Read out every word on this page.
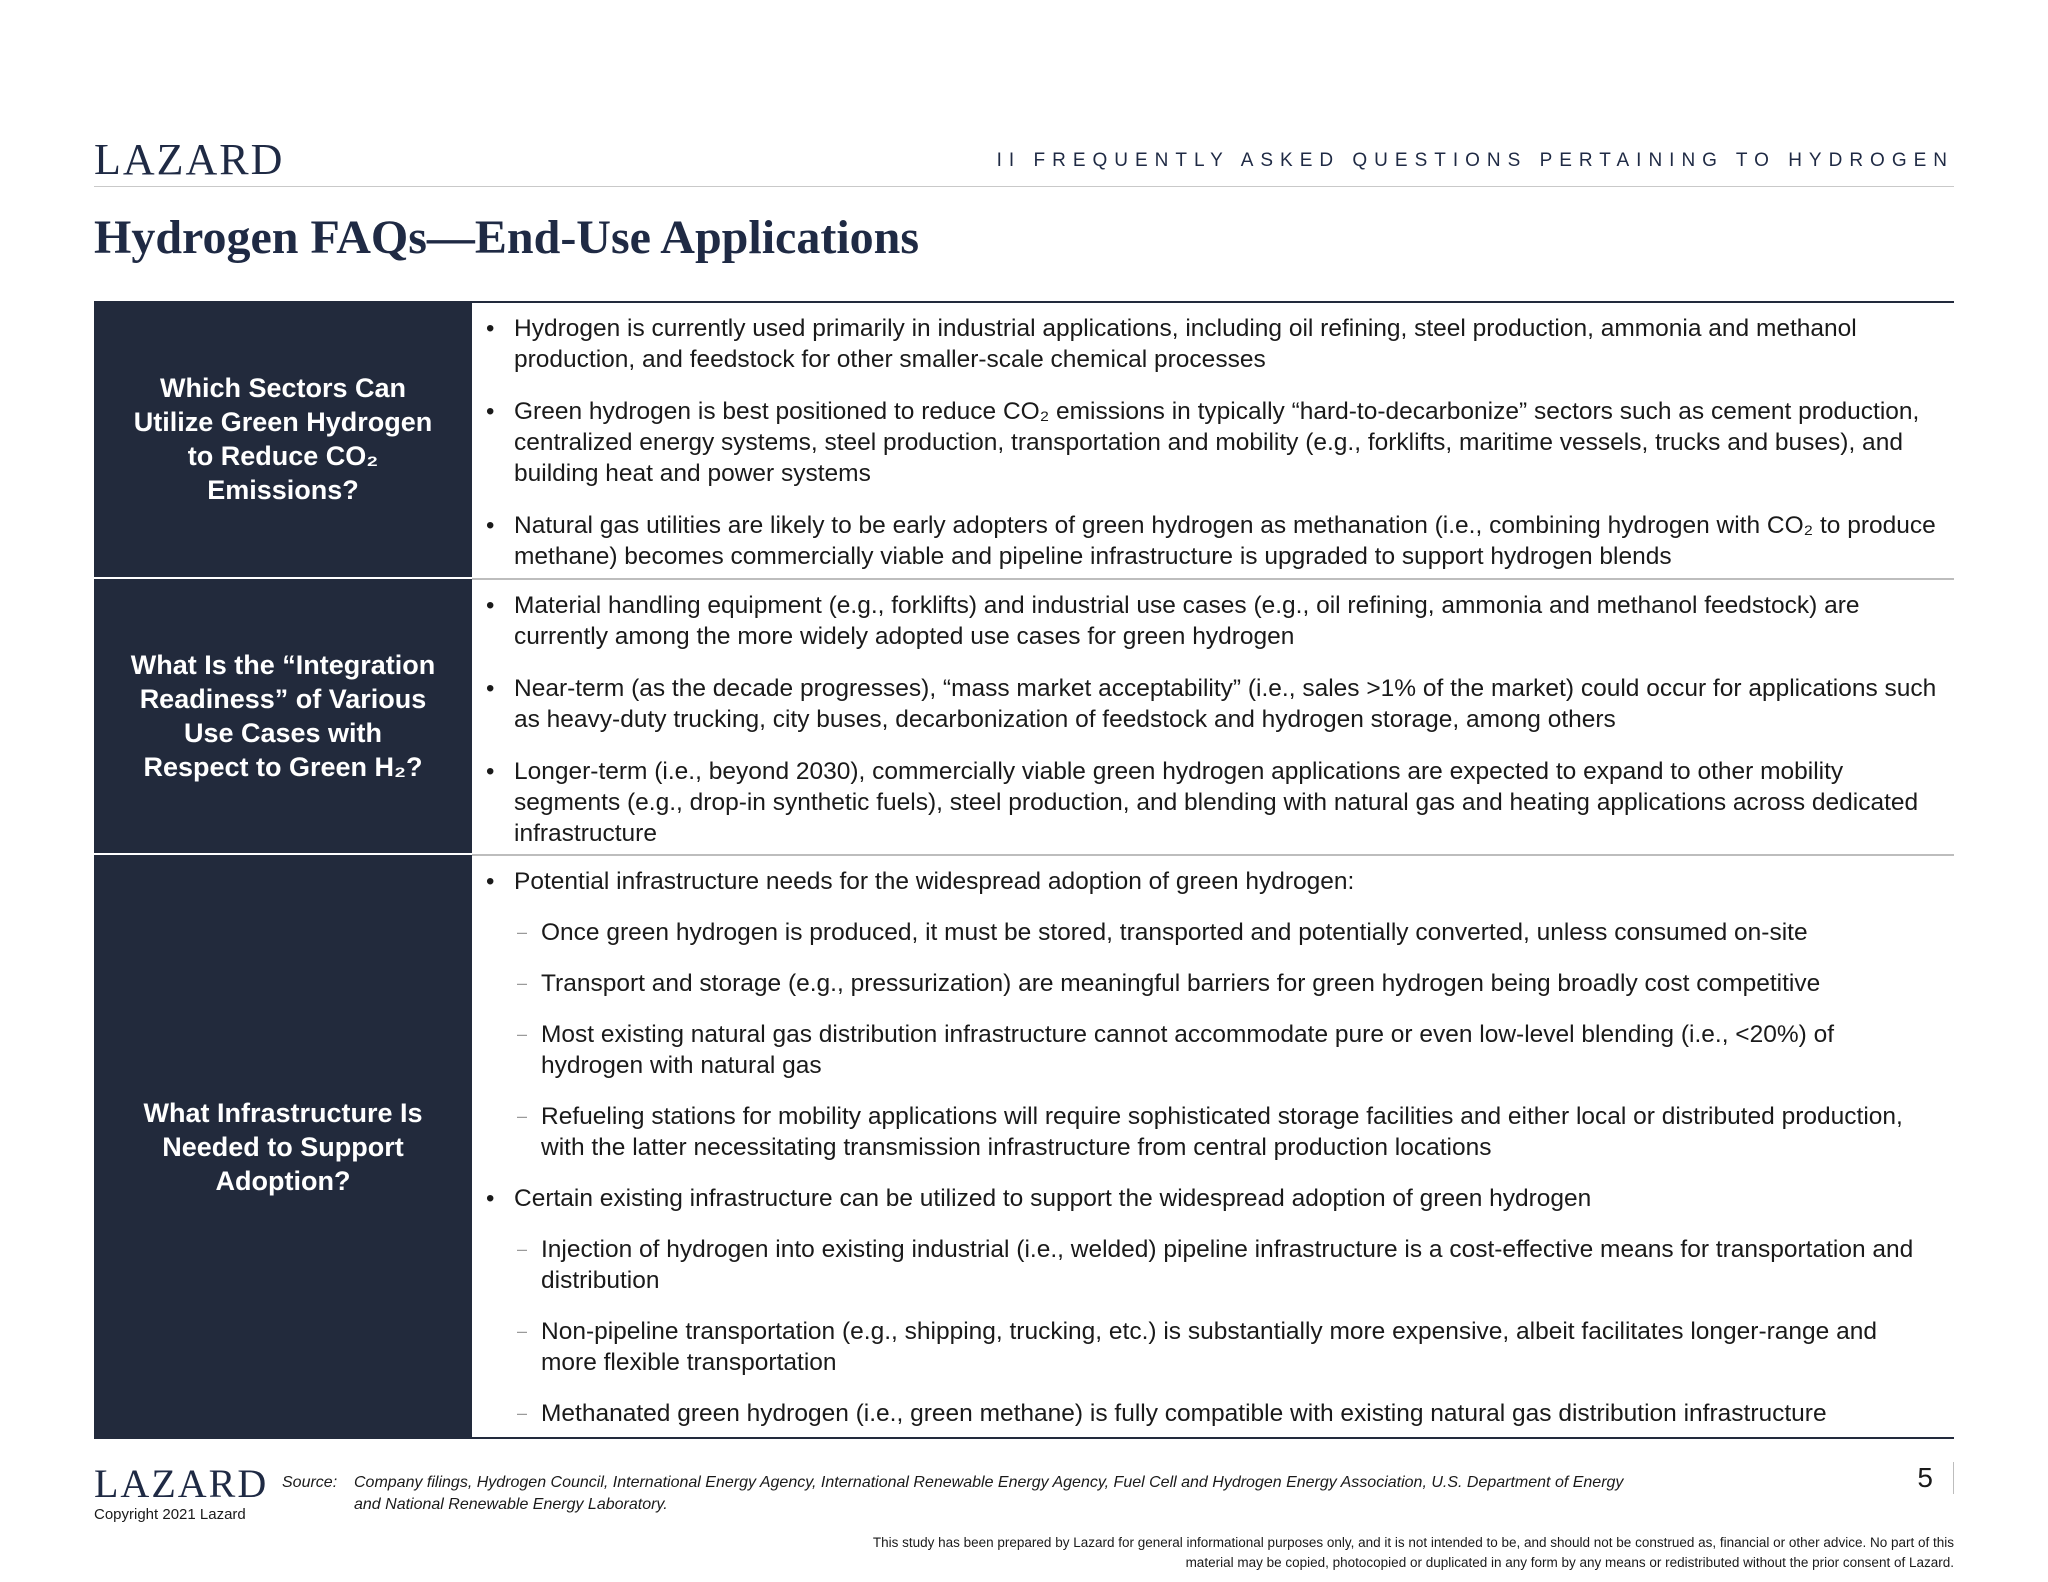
LAZARD	II FREQUENTLY ASKED QUESTIONS PERTAINING TO HYDROGEN
Hydrogen FAQs—End-Use Applications
Which Sectors Can Utilize Green Hydrogen to Reduce CO₂ Emissions?
• Hydrogen is currently used primarily in industrial applications, including oil refining, steel production, ammonia and methanol production, and feedstock for other smaller-scale chemical processes
• Green hydrogen is best positioned to reduce CO₂ emissions in typically “hard-to-decarbonize” sectors such as cement production, centralized energy systems, steel production, transportation and mobility (e.g., forklifts, maritime vessels, trucks and buses), and building heat and power systems
• Natural gas utilities are likely to be early adopters of green hydrogen as methanation (i.e., combining hydrogen with CO₂ to produce methane) becomes commercially viable and pipeline infrastructure is upgraded to support hydrogen blends
What Is the “Integration Readiness” of Various Use Cases with Respect to Green H₂?
• Material handling equipment (e.g., forklifts) and industrial use cases (e.g., oil refining, ammonia and methanol feedstock) are currently among the more widely adopted use cases for green hydrogen
• Near-term (as the decade progresses), “mass market acceptability” (i.e., sales >1% of the market) could occur for applications such as heavy-duty trucking, city buses, decarbonization of feedstock and hydrogen storage, among others
• Longer-term (i.e., beyond 2030), commercially viable green hydrogen applications are expected to expand to other mobility segments (e.g., drop-in synthetic fuels), steel production, and blending with natural gas and heating applications across dedicated infrastructure
What Infrastructure Is Needed to Support Adoption?
• Potential infrastructure needs for the widespread adoption of green hydrogen:
– Once green hydrogen is produced, it must be stored, transported and potentially converted, unless consumed on-site
– Transport and storage (e.g., pressurization) are meaningful barriers for green hydrogen being broadly cost competitive
– Most existing natural gas distribution infrastructure cannot accommodate pure or even low-level blending (i.e., <20%) of hydrogen with natural gas
– Refueling stations for mobility applications will require sophisticated storage facilities and either local or distributed production, with the latter necessitating transmission infrastructure from central production locations
• Certain existing infrastructure can be utilized to support the widespread adoption of green hydrogen
– Injection of hydrogen into existing industrial (i.e., welded) pipeline infrastructure is a cost-effective means for transportation and distribution
– Non-pipeline transportation (e.g., shipping, trucking, etc.) is substantially more expensive, albeit facilitates longer-range and more flexible transportation
– Methanated green hydrogen (i.e., green methane) is fully compatible with existing natural gas distribution infrastructure
LAZARD
Copyright 2021 Lazard
Source: Company filings, Hydrogen Council, International Energy Agency, International Renewable Energy Agency, Fuel Cell and Hydrogen Energy Association, U.S. Department of Energy and National Renewable Energy Laboratory.
5
This study has been prepared by Lazard for general informational purposes only, and it is not intended to be, and should not be construed as, financial or other advice. No part of this material may be copied, photocopied or duplicated in any form by any means or redistributed without the prior consent of Lazard.
